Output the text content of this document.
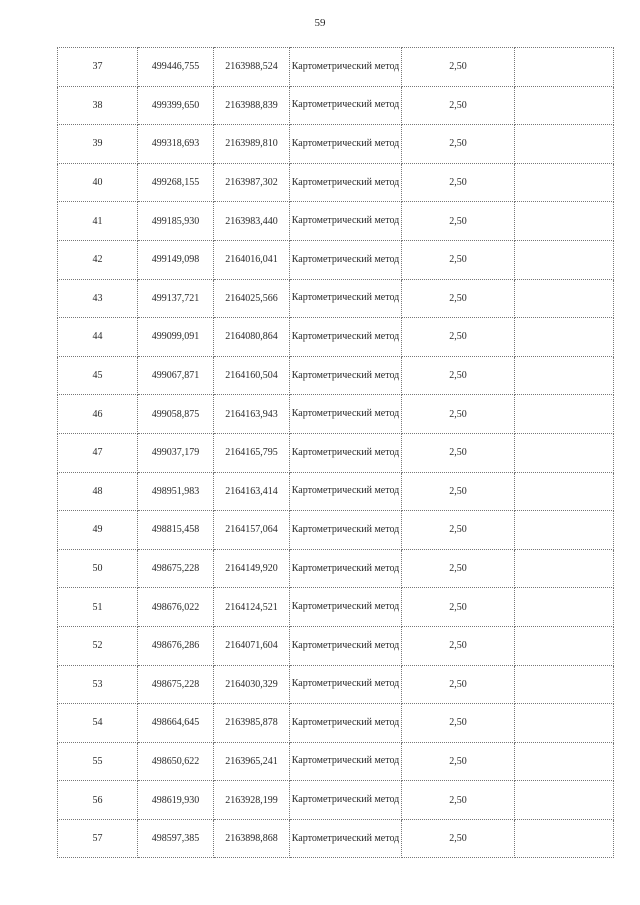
59
37	499446,755	2163988,524	Картометрический метод	2,50	
38	499399,650	2163988,839	Картометрический метод	2,50	
39	499318,693	2163989,810	Картометрический метод	2,50	
40	499268,155	2163987,302	Картометрический метод	2,50	
41	499185,930	2163983,440	Картометрический метод	2,50	
42	499149,098	2164016,041	Картометрический метод	2,50	
43	499137,721	2164025,566	Картометрический метод	2,50	
44	499099,091	2164080,864	Картометрический метод	2,50	
45	499067,871	2164160,504	Картометрический метод	2,50	
46	499058,875	2164163,943	Картометрический метод	2,50	
47	499037,179	2164165,795	Картометрический метод	2,50	
48	498951,983	2164163,414	Картометрический метод	2,50	
49	498815,458	2164157,064	Картометрический метод	2,50	
50	498675,228	2164149,920	Картометрический метод	2,50	
51	498676,022	2164124,521	Картометрический метод	2,50	
52	498676,286	2164071,604	Картометрический метод	2,50	
53	498675,228	2164030,329	Картометрический метод	2,50	
54	498664,645	2163985,878	Картометрический метод	2,50	
55	498650,622	2163965,241	Картометрический метод	2,50	
56	498619,930	2163928,199	Картометрический метод	2,50	
57	498597,385	2163898,868	Картометрический метод	2,50	
